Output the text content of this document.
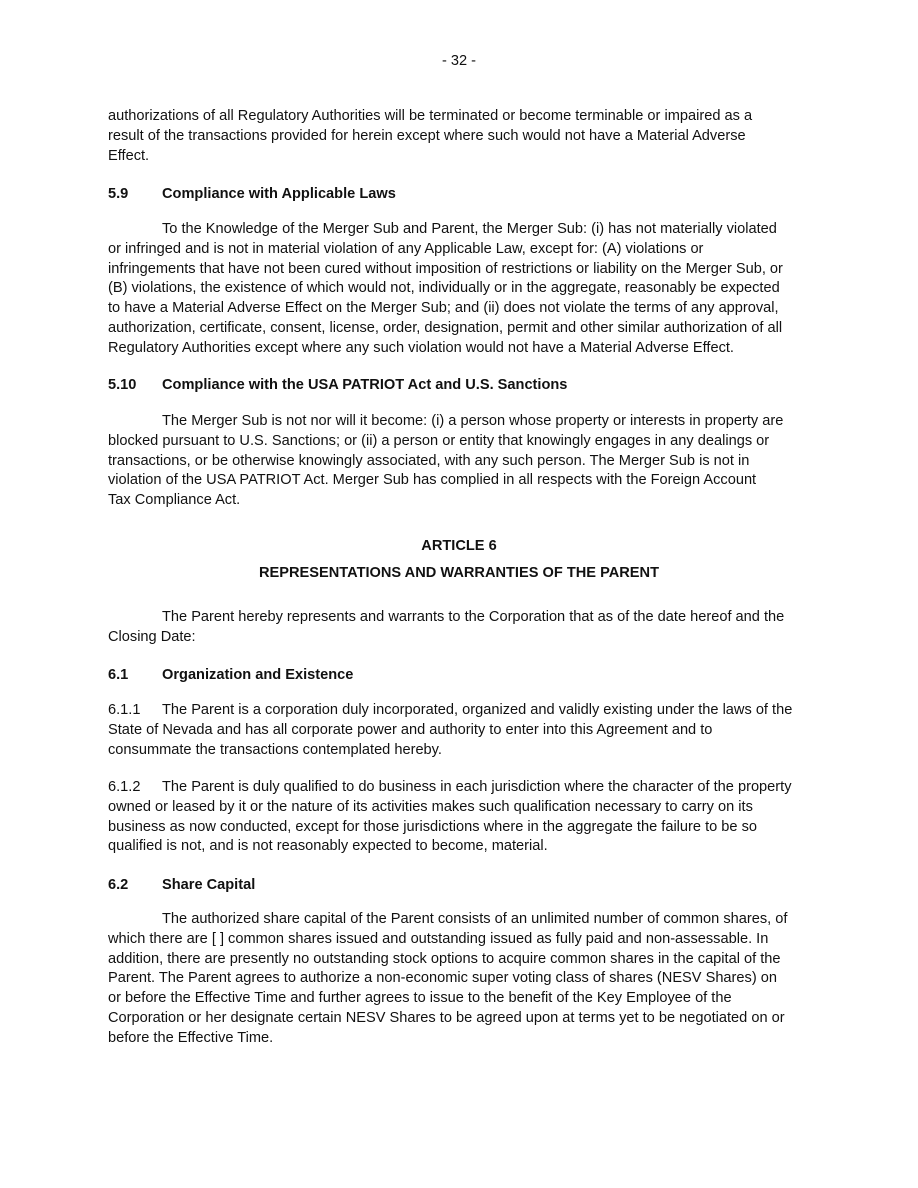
- 32 -
authorizations of all Regulatory Authorities will be terminated or become terminable or impaired as a
result of the transactions provided for herein except where such would not have a Material Adverse
Effect.
5.9 Compliance with Applicable Laws
To the Knowledge of the Merger Sub and Parent, the Merger Sub: (i) has not materially violated
or infringed and is not in material violation of any Applicable Law, except for: (A) violations or
infringements that have not been cured without imposition of restrictions or liability on the Merger Sub, or
(B) violations, the existence of which would not, individually or in the aggregate, reasonably be expected
to have a Material Adverse Effect on the Merger Sub; and (ii) does not violate the terms of any approval,
authorization, certificate, consent, license, order, designation, permit and other similar authorization of all
Regulatory Authorities except where any such violation would not have a Material Adverse Effect.
5.10 Compliance with the USA PATRIOT Act and U.S. Sanctions
The Merger Sub is not nor will it become: (i) a person whose property or interests in property are
blocked pursuant to U.S. Sanctions; or (ii) a person or entity that knowingly engages in any dealings or
transactions, or be otherwise knowingly associated, with any such person. The Merger Sub is not in
violation of the USA PATRIOT Act. Merger Sub has complied in all respects with the Foreign Account
Tax Compliance Act.
ARTICLE 6
REPRESENTATIONS AND WARRANTIES OF THE PARENT
The Parent hereby represents and warrants to the Corporation that as of the date hereof and the
Closing Date:
6.1 Organization and Existence
6.1.1 The Parent is a corporation duly incorporated, organized and validly existing under the laws of the
State of Nevada and has all corporate power and authority to enter into this Agreement and to
consummate the transactions contemplated hereby.
6.1.2 The Parent is duly qualified to do business in each jurisdiction where the character of the property
owned or leased by it or the nature of its activities makes such qualification necessary to carry on its
business as now conducted, except for those jurisdictions where in the aggregate the failure to be so
qualified is not, and is not reasonably expected to become, material.
6.2 Share Capital
The authorized share capital of the Parent consists of an unlimited number of common shares, of
which there are [ ] common shares issued and outstanding issued as fully paid and non-assessable. In
addition, there are presently no outstanding stock options to acquire common shares in the capital of the
Parent. The Parent agrees to authorize a non-economic super voting class of shares (NESV Shares) on
or before the Effective Time and further agrees to issue to the benefit of the Key Employee of the
Corporation or her designate certain NESV Shares to be agreed upon at terms yet to be negotiated on or
before the Effective Time.
